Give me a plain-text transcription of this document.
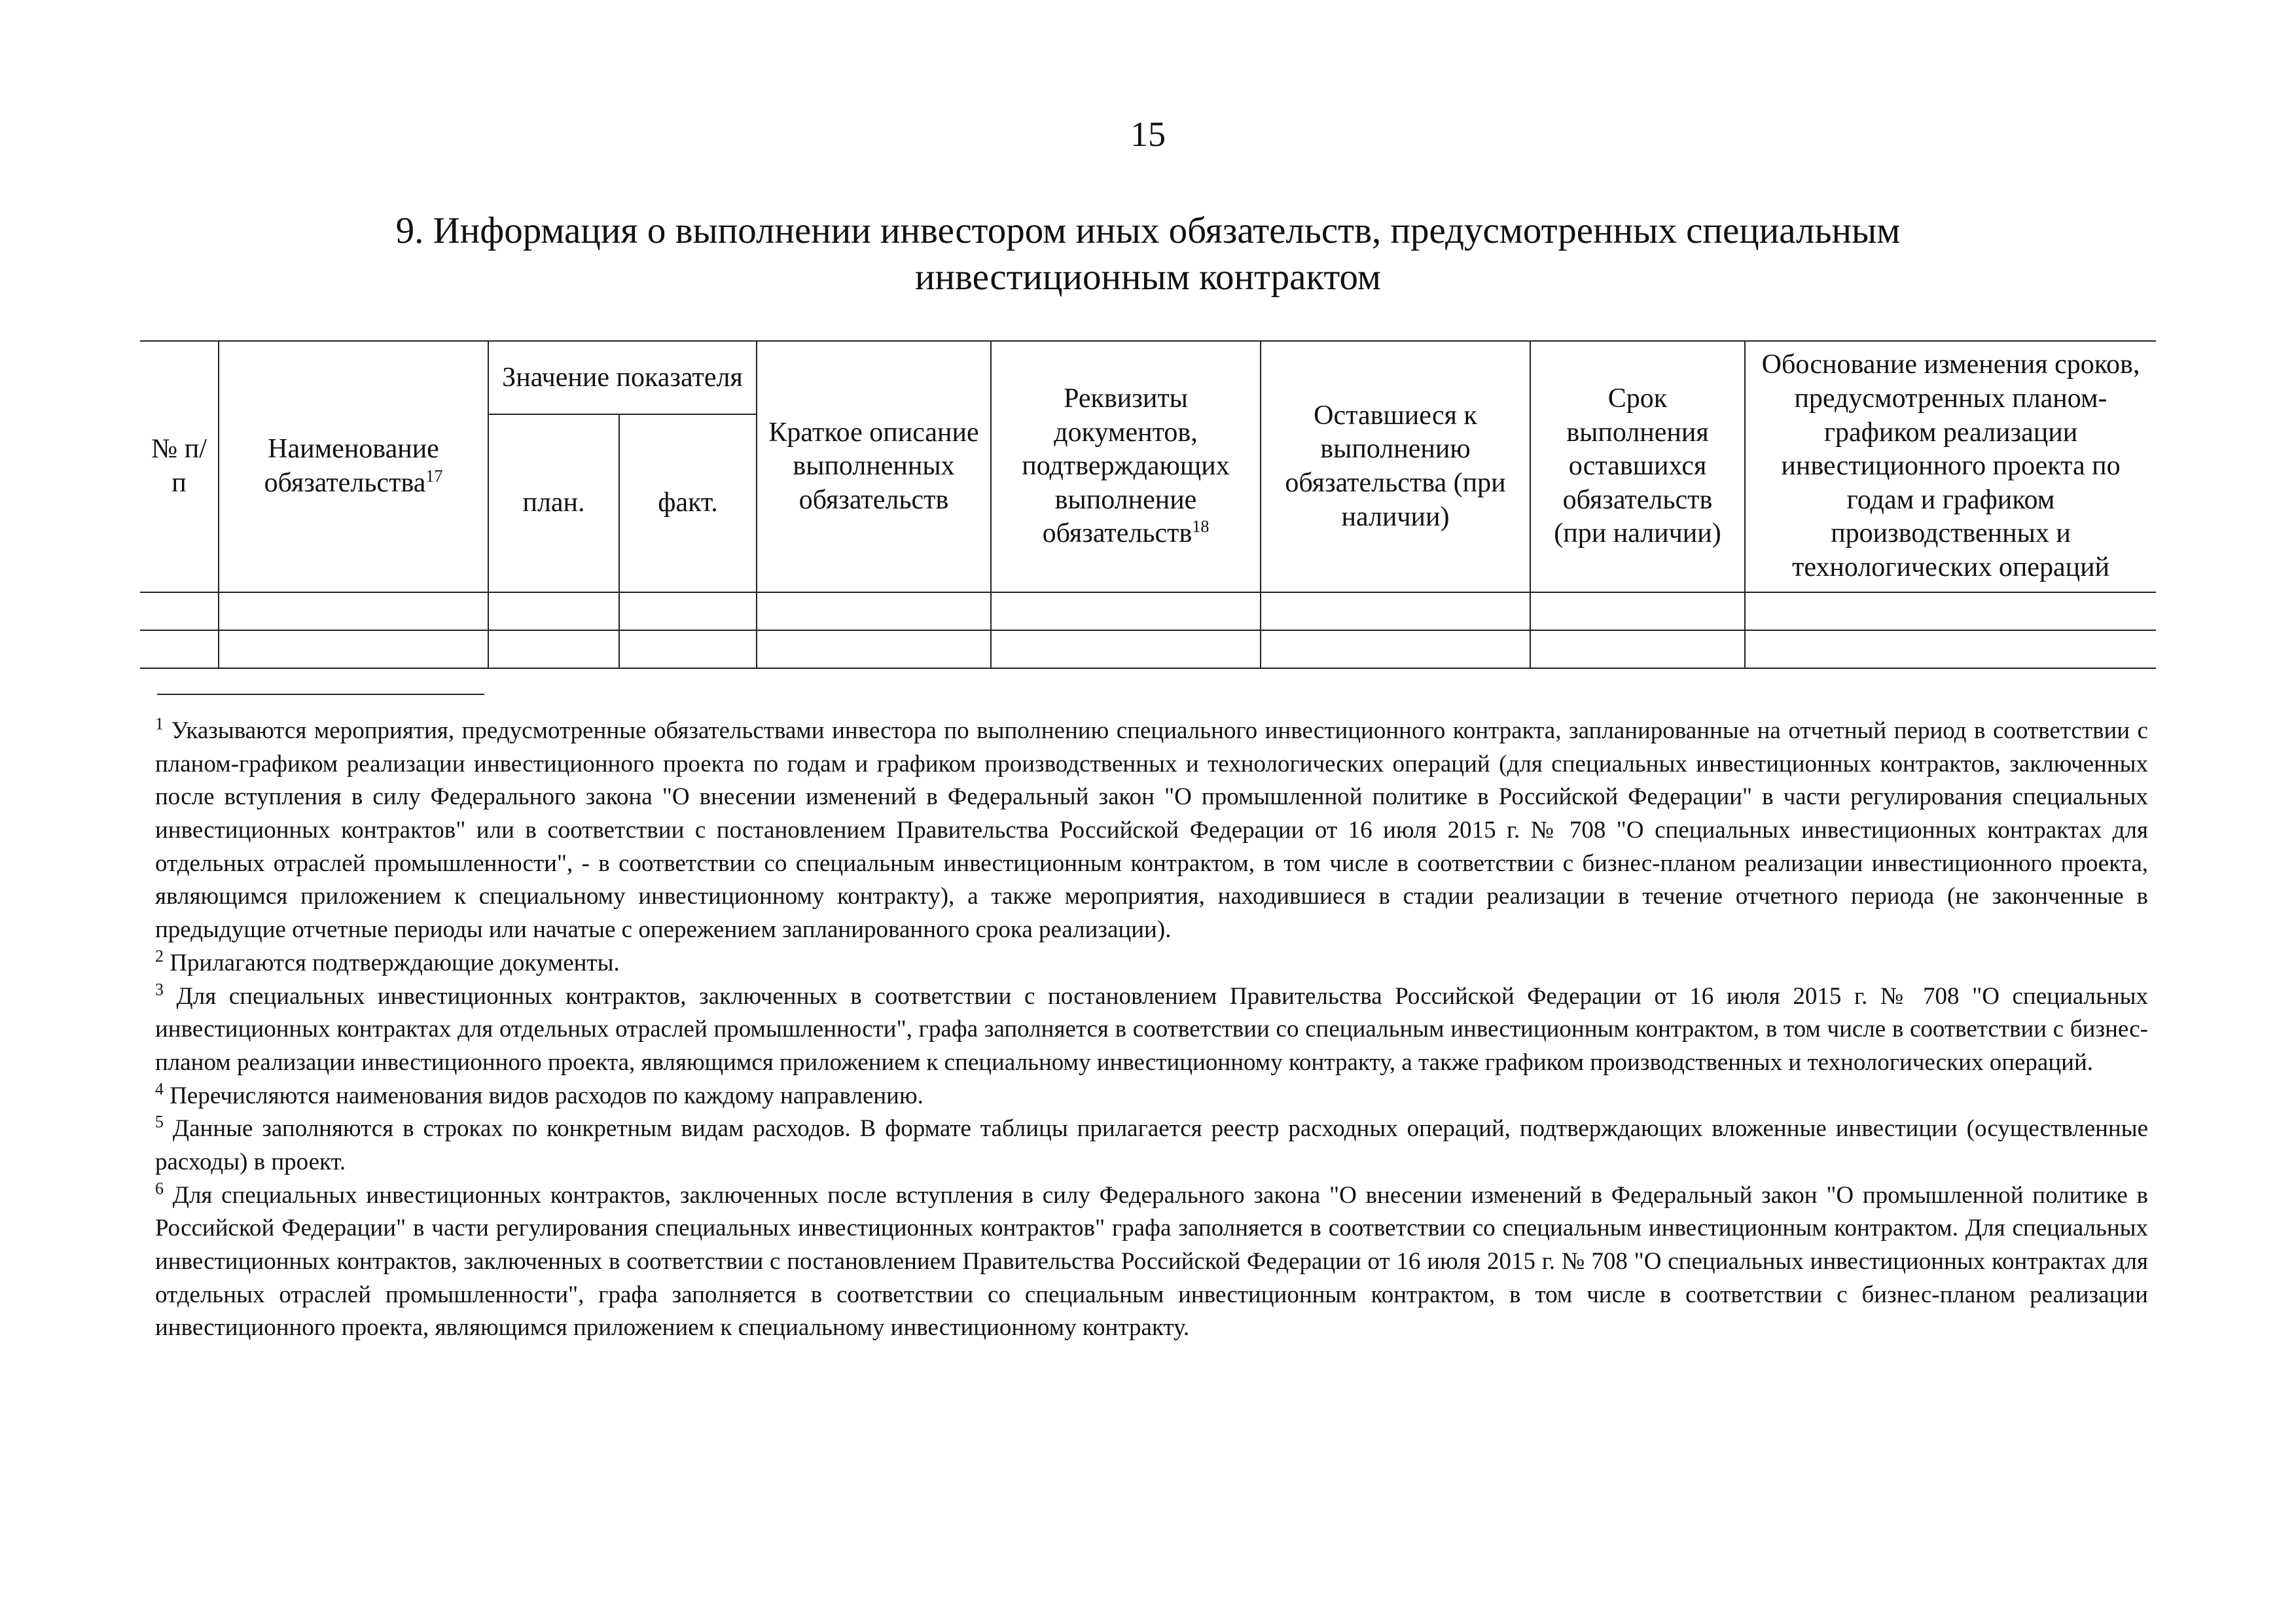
15
9. Информация о выполнении инвестором иных обязательств, предусмотренных специальным
инвестиционным контрактом
№ п/п	Наименование обязательства$^{17}$	Значение показателя		Краткое описание выполненных обязательств	Реквизиты документов, подтверждающих выполнение обязательств$^{18}$	Оставшиеся к выполнению обязательства (при наличии)	Срок выполнения оставшихся обязательств (при наличии)	Обоснование изменения сроков, предусмотренных планом-графиком реализации инвестиционного проекта по годам и графиком производственных и технологических операций
		план.	факт.					

$^1$ Указываются мероприятия, предусмотренные обязательствами инвестора по выполнению специального инвестиционного контракта, запланированные на отчетный период в соответствии с планом-графиком реализации инвестиционного проекта по годам и графиком производственных и технологических операций (для специальных инвестиционных контрактов, заключенных после вступления в силу Федерального закона "О внесении изменений в Федеральный закон "О промышленной политике в Российской Федерации" в части регулирования специальных инвестиционных контрактов" или в соответствии с постановлением Правительства Российской Федерации от 16 июля 2015 г. № 708 "О специальных инвестиционных контрактах для отдельных отраслей промышленности", - в соответствии со специальным инвестиционным контрактом, в том числе в соответствии с бизнес-планом реализации инвестиционного проекта, являющимся приложением к специальному инвестиционному контракту), а также мероприятия, находившиеся в стадии реализации в течение отчетного периода (не законченные в предыдущие отчетные периоды или начатые с опережением запланированного срока реализации).

$^2$ Прилагаются подтверждающие документы.

$^3$ Для специальных инвестиционных контрактов, заключенных в соответствии с постановлением Правительства Российской Федерации от 16 июля 2015 г. № 708 "О специальных инвестиционных контрактах для отдельных отраслей промышленности", графа заполняется в соответствии со специальным инвестиционным контрактом, в том числе в соответствии с бизнес-планом реализации инвестиционного проекта, являющимся приложением к специальному инвестиционному контракту, а также графиком производственных и технологических операций.

$^4$ Перечисляются наименования видов расходов по каждому направлению.

$^5$ Данные заполняются в строках по конкретным видам расходов. В формате таблицы прилагается реестр расходных операций, подтверждающих вложенные инвестиции (осуществленные расходы) в проект.

$^6$ Для специальных инвестиционных контрактов, заключенных после вступления в силу Федерального закона "О внесении изменений в Федеральный закон "О промышленной политике в Российской Федерации" в части регулирования специальных инвестиционных контрактов" графа заполняется в соответствии со специальным инвестиционным контрактом. Для специальных инвестиционных контрактов, заключенных в соответствии с постановлением Правительства Российской Федерации от 16 июля 2015 г. № 708 "О специальных инвестиционных контрактах для отдельных отраслей промышленности", графа заполняется в соответствии со специальным инвестиционным контрактом, в том числе в соответствии с бизнес-планом реализации инвестиционного проекта, являющимся приложением к специальному инвестиционному контракту.
